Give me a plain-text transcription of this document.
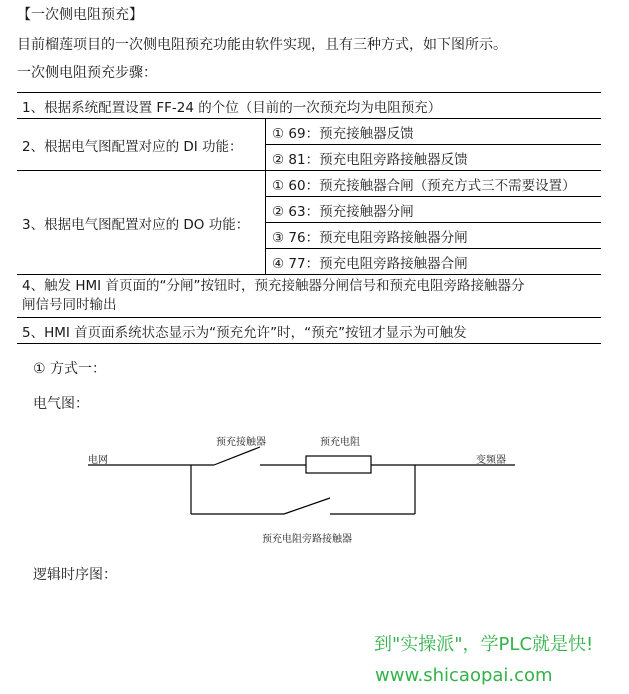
【一次侧电阻预充】
目前榴莲项目的一次侧电阻预充功能由软件实现，且有三种方式，如下图所示。
一次侧电阻预充步骤：
1、根据系统配置设置 FF-24 的个位（目前的一次预充均为电阻预充）	
2、根据电气图配置对应的 DI 功能：	① 69：预充接触器反馈
	② 81：预充电阻旁路接触器反馈
3、根据电气图配置对应的 DO 功能：	① 60：预充接触器合闸（预充方式三不需要设置）
	② 63：预充接触器分闸
	③ 76：预充电阻旁路接触器分闸
	④ 77：预充电阻旁路接触器合闸

4、触发 HMI 首页面的“分闸”按钮时，预充接触器分闸信号和预充电阻旁路接触器分
闸信号同时输出	

5、HMI 首页面系统状态显示为“预充允许”时，“预充”按钮才显示为可触发	
① 方式一：
电气图：
电网
预充接触器	预充电阻
变频器
预充电阻旁路接触器
逻辑时序图：
到"实操派"，学PLC就是快!
www.shicaopai.com
